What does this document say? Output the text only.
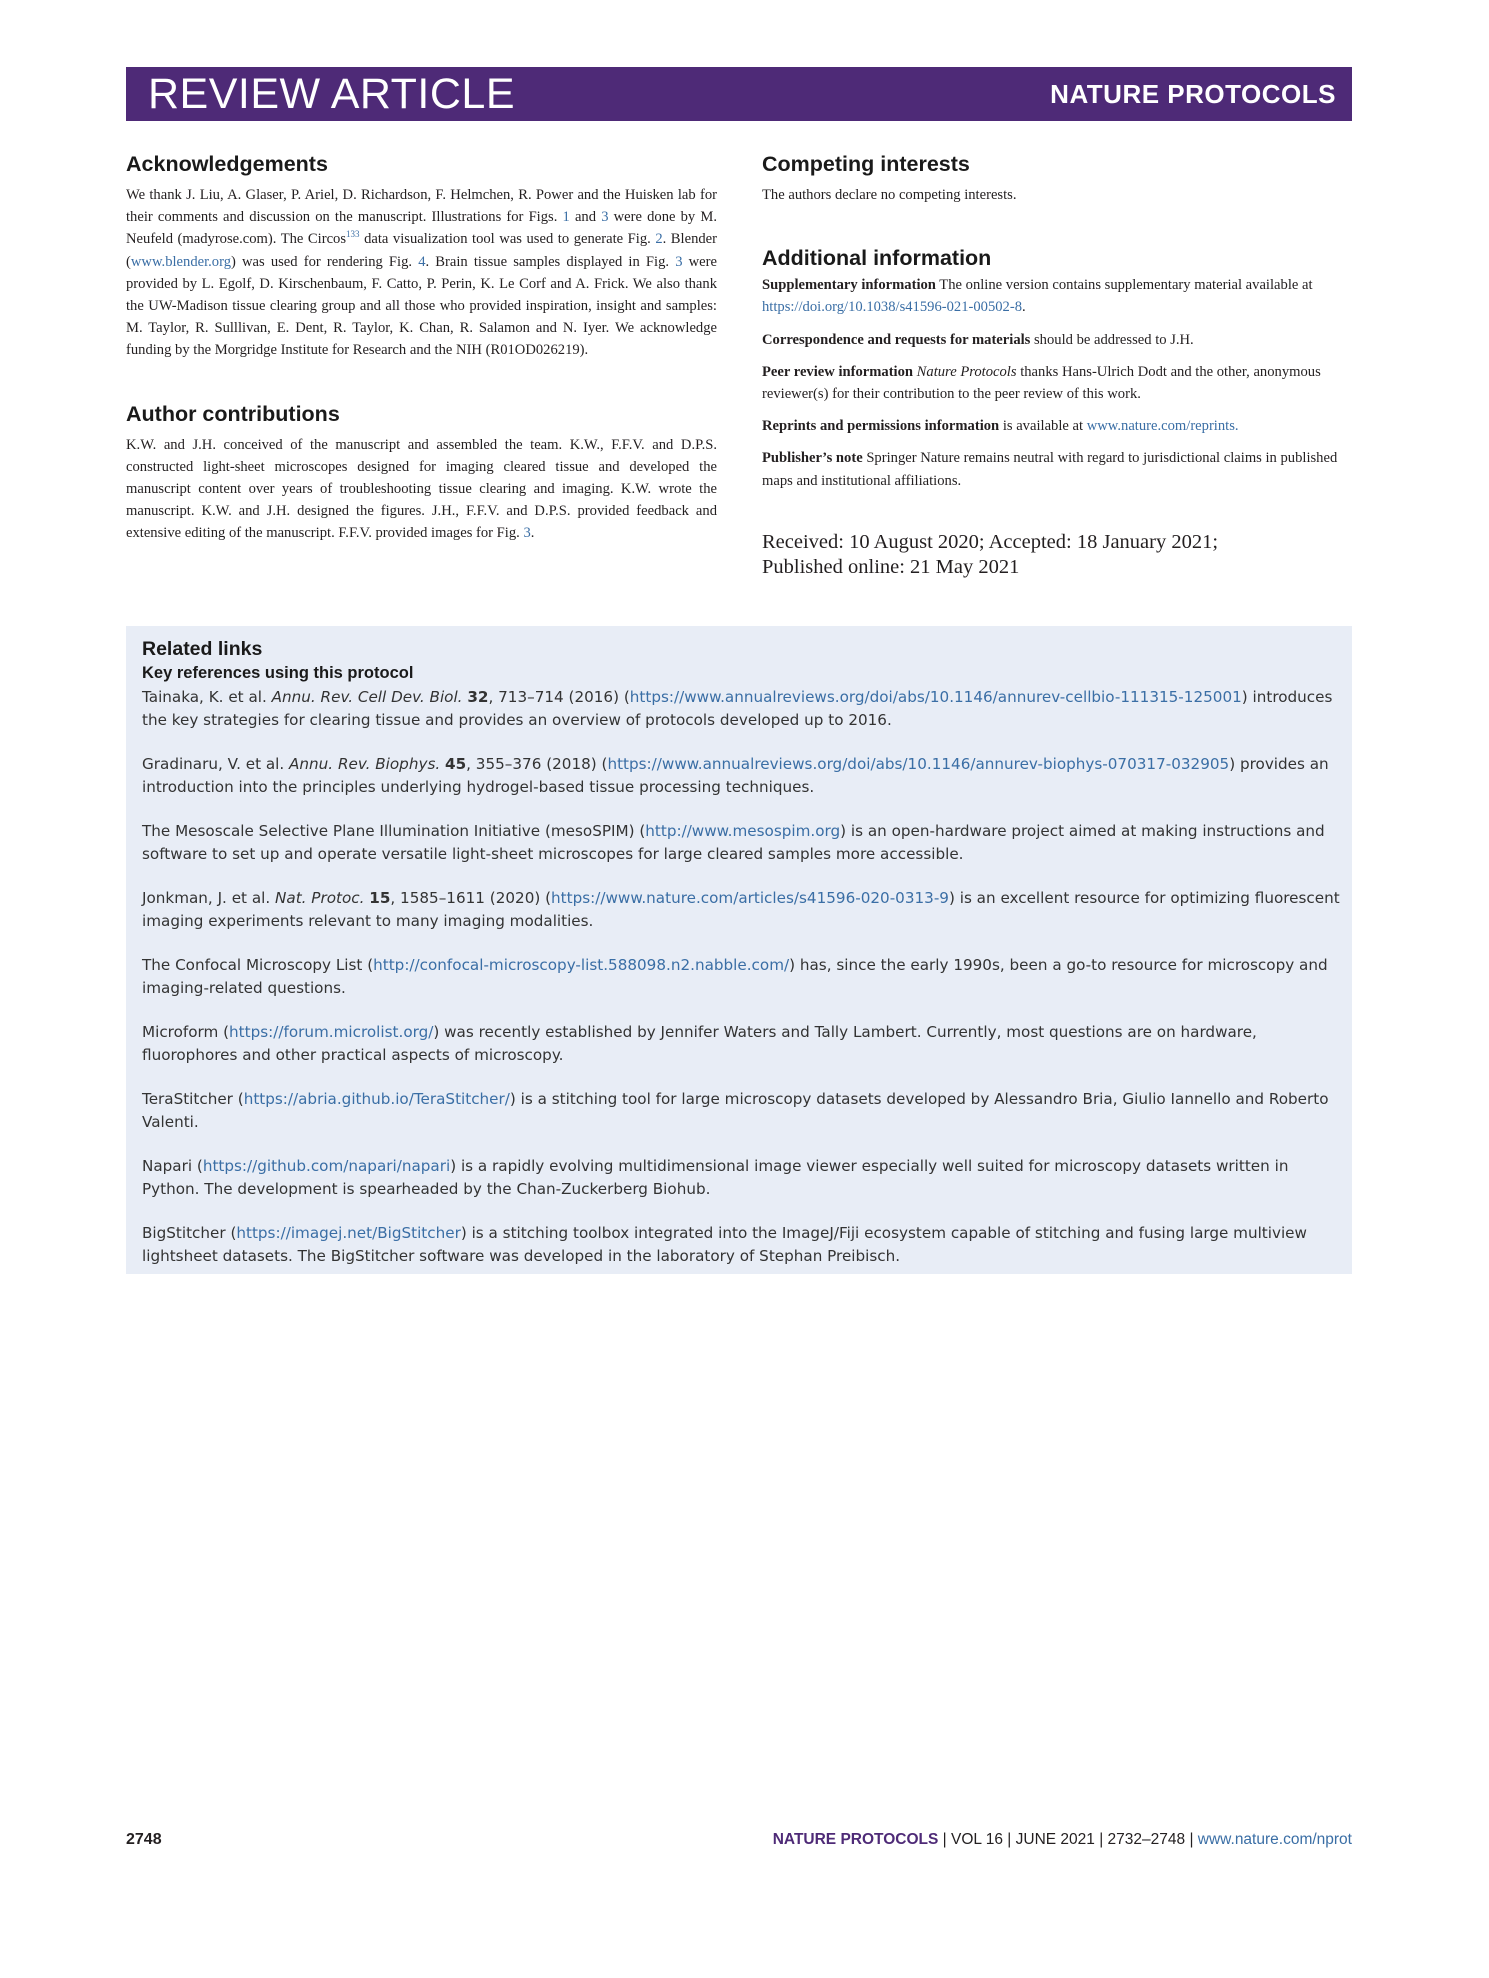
REVIEW ARTICLE	NATURE PROTOCOLS
Acknowledgements

We thank J. Liu, A. Glaser, P. Ariel, D. Richardson, F. Helmchen, R. Power and the Huisken lab for their comments and discussion on the manuscript. Illustrations for Figs. 1 and 3 were done by M. Neufeld (madyrose.com). The Circos$^{133}$ data visualization tool was used to generate Fig. 2. Blender (www.blender.org) was used for rendering Fig. 4. Brain tissue samples displayed in Fig. 3 were provided by L. Egolf, D. Kirschenbaum, F. Catto, P. Perin, K. Le Corf and A. Frick. We also thank the UW-Madison tissue clearing group and all those who provided inspiration, insight and samples: M. Taylor, R. Sulllivan, E. Dent, R. Taylor, K. Chan, R. Salamon and N. Iyer. We acknowledge funding by the Morgridge Institute for Research and the NIH (R01OD026219).

Author contributions

K.W. and J.H. conceived of the manuscript and assembled the team. K.W., F.F.V. and D.P.S. constructed light-sheet microscopes designed for imaging cleared tissue and developed the manuscript content over years of troubleshooting tissue clearing and imaging. K.W. wrote the manuscript. K.W. and J.H. designed the figures. J.H., F.F.V. and D.P.S. provided feedback and extensive editing of the manuscript. F.F.V. provided images for Fig. 3.

Competing interests

The authors declare no competing interests.

Additional information

Supplementary information The online version contains supplementary material available at https://doi.org/10.1038/s41596-021-00502-8.

Correspondence and requests for materials should be addressed to J.H.

Peer review information Nature Protocols thanks Hans-Ulrich Dodt and the other, anonymous reviewer(s) for their contribution to the peer review of this work.

Reprints and permissions information is available at www.nature.com/reprints.

Publisher’s note Springer Nature remains neutral with regard to jurisdictional claims in published maps and institutional affiliations.

Received: 10 August 2020; Accepted: 18 January 2021;
Published online: 21 May 2021
Related links
Key references using this protocol

Tainaka, K. et al. Annu. Rev. Cell Dev. Biol. 32, 713–714 (2016) (https://www.annualreviews.org/doi/abs/10.1146/annurev-cellbio-111315-125001) introduces the key strategies for clearing tissue and provides an overview of protocols developed up to 2016.

Gradinaru, V. et al. Annu. Rev. Biophys. 45, 355–376 (2018) (https://www.annualreviews.org/doi/abs/10.1146/annurev-biophys-070317-032905) provides an introduction into the principles underlying hydrogel-based tissue processing techniques.

The Mesoscale Selective Plane Illumination Initiative (mesoSPIM) (http://www.mesospim.org) is an open-hardware project aimed at making instructions and software to set up and operate versatile light-sheet microscopes for large cleared samples more accessible.

Jonkman, J. et al. Nat. Protoc. 15, 1585–1611 (2020) (https://www.nature.com/articles/s41596-020-0313-9) is an excellent resource for optimizing fluorescent imaging experiments relevant to many imaging modalities.

The Confocal Microscopy List (http://confocal-microscopy-list.588098.n2.nabble.com/) has, since the early 1990s, been a go-to resource for microscopy and imaging-related questions.

Microform (https://forum.microlist.org/) was recently established by Jennifer Waters and Tally Lambert. Currently, most questions are on hardware, fluorophores and other practical aspects of microscopy.

TeraStitcher (https://abria.github.io/TeraStitcher/) is a stitching tool for large microscopy datasets developed by Alessandro Bria, Giulio Iannello and Roberto Valenti.

Napari (https://github.com/napari/napari) is a rapidly evolving multidimensional image viewer especially well suited for microscopy datasets written in Python. The development is spearheaded by the Chan-Zuckerberg Biohub.

BigStitcher (https://imagej.net/BigStitcher) is a stitching toolbox integrated into the ImageJ/Fiji ecosystem capable of stitching and fusing large multiview lightsheet datasets. The BigStitcher software was developed in the laboratory of Stephan Preibisch.

2748	NATURE PROTOCOLS | VOL 16 | JUNE 2021 | 2732–2748 | www.nature.com/nprot
